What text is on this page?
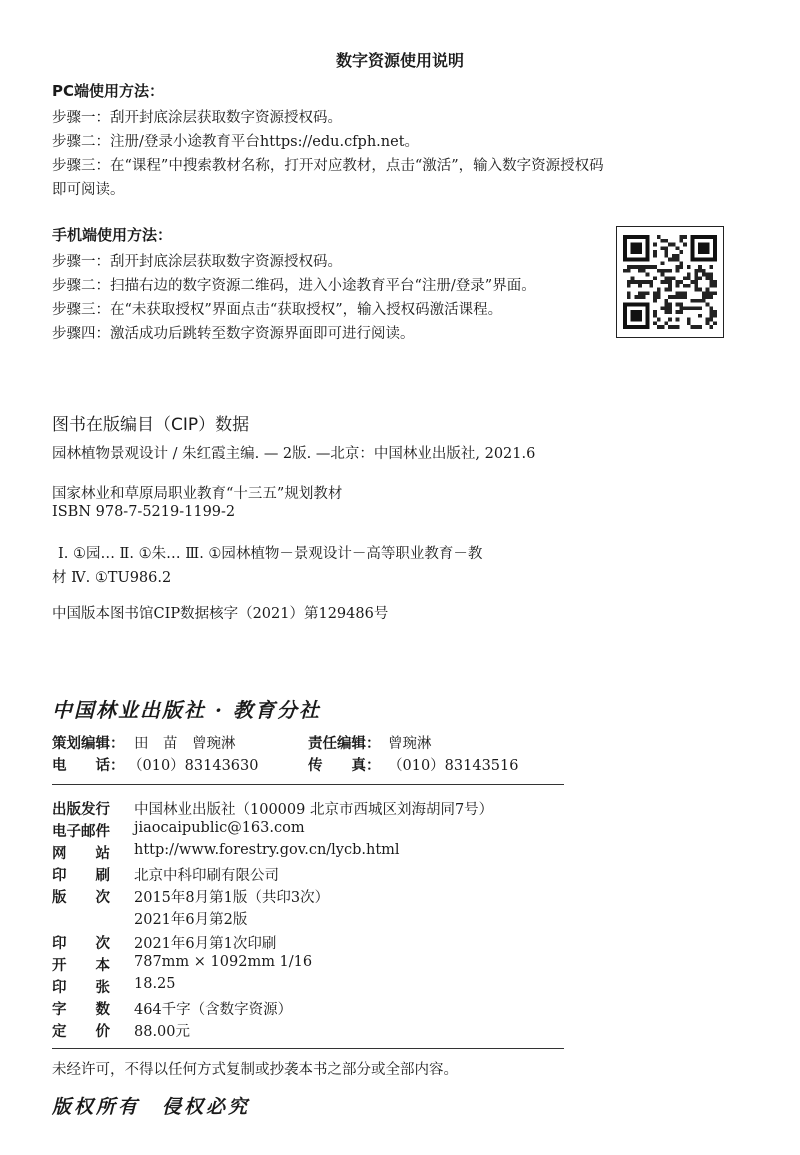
数字资源使用说明
PC端使用方法：
步骤一：刮开封底涂层获取数字资源授权码。
步骤二：注册/登录小途教育平台https://edu.cfph.net。
步骤三：在“课程”中搜索教材名称，打开对应教材，点击“激活”，输入数字资源授权码
即可阅读。
手机端使用方法：
步骤一：刮开封底涂层获取数字资源授权码。
步骤二：扫描右边的数字资源二维码，进入小途教育平台“注册/登录”界面。
步骤三：在“未获取授权”界面点击“获取授权”，输入授权码激活课程。
步骤四：激活成功后跳转至数字资源界面即可进行阅读。
图书在版编目（CIP）数据
园林植物景观设计 / 朱红霞主编. — 2版. —北京：中国林业出版社, 2021.6
国家林业和草原局职业教育“十三五”规划教材
ISBN 978-7-5219-1199-2
Ⅰ. ①园… Ⅱ. ①朱… Ⅲ. ①园林植物－景观设计－高等职业教育－教
材 Ⅳ. ①TU986.2
中国版本图书馆CIP数据核字（2021）第129486号
中国林业出版社 · 教育分社
策划编辑： 田　苗　曾琬淋	责任编辑： 曾琬淋
电　　话： （010）83143630	传　　真： （010）83143516
出版发行	中国林业出版社（100009 北京市西城区刘海胡同7号）
电子邮件	jiaocaipublic@163.com
网　　站	http://www.forestry.gov.cn/lycb.html
印　　刷	北京中科印刷有限公司
版　　次	2015年8月第1版（共印3次）
2021年6月第2版
印　　次	2021年6月第1次印刷
开　　本	787mm × 1092mm 1/16
印　　张	18.25
字　　数	464千字（含数字资源）
定　　价	88.00元
未经许可，不得以任何方式复制或抄袭本书之部分或全部内容。
版权所有　侵权必究
